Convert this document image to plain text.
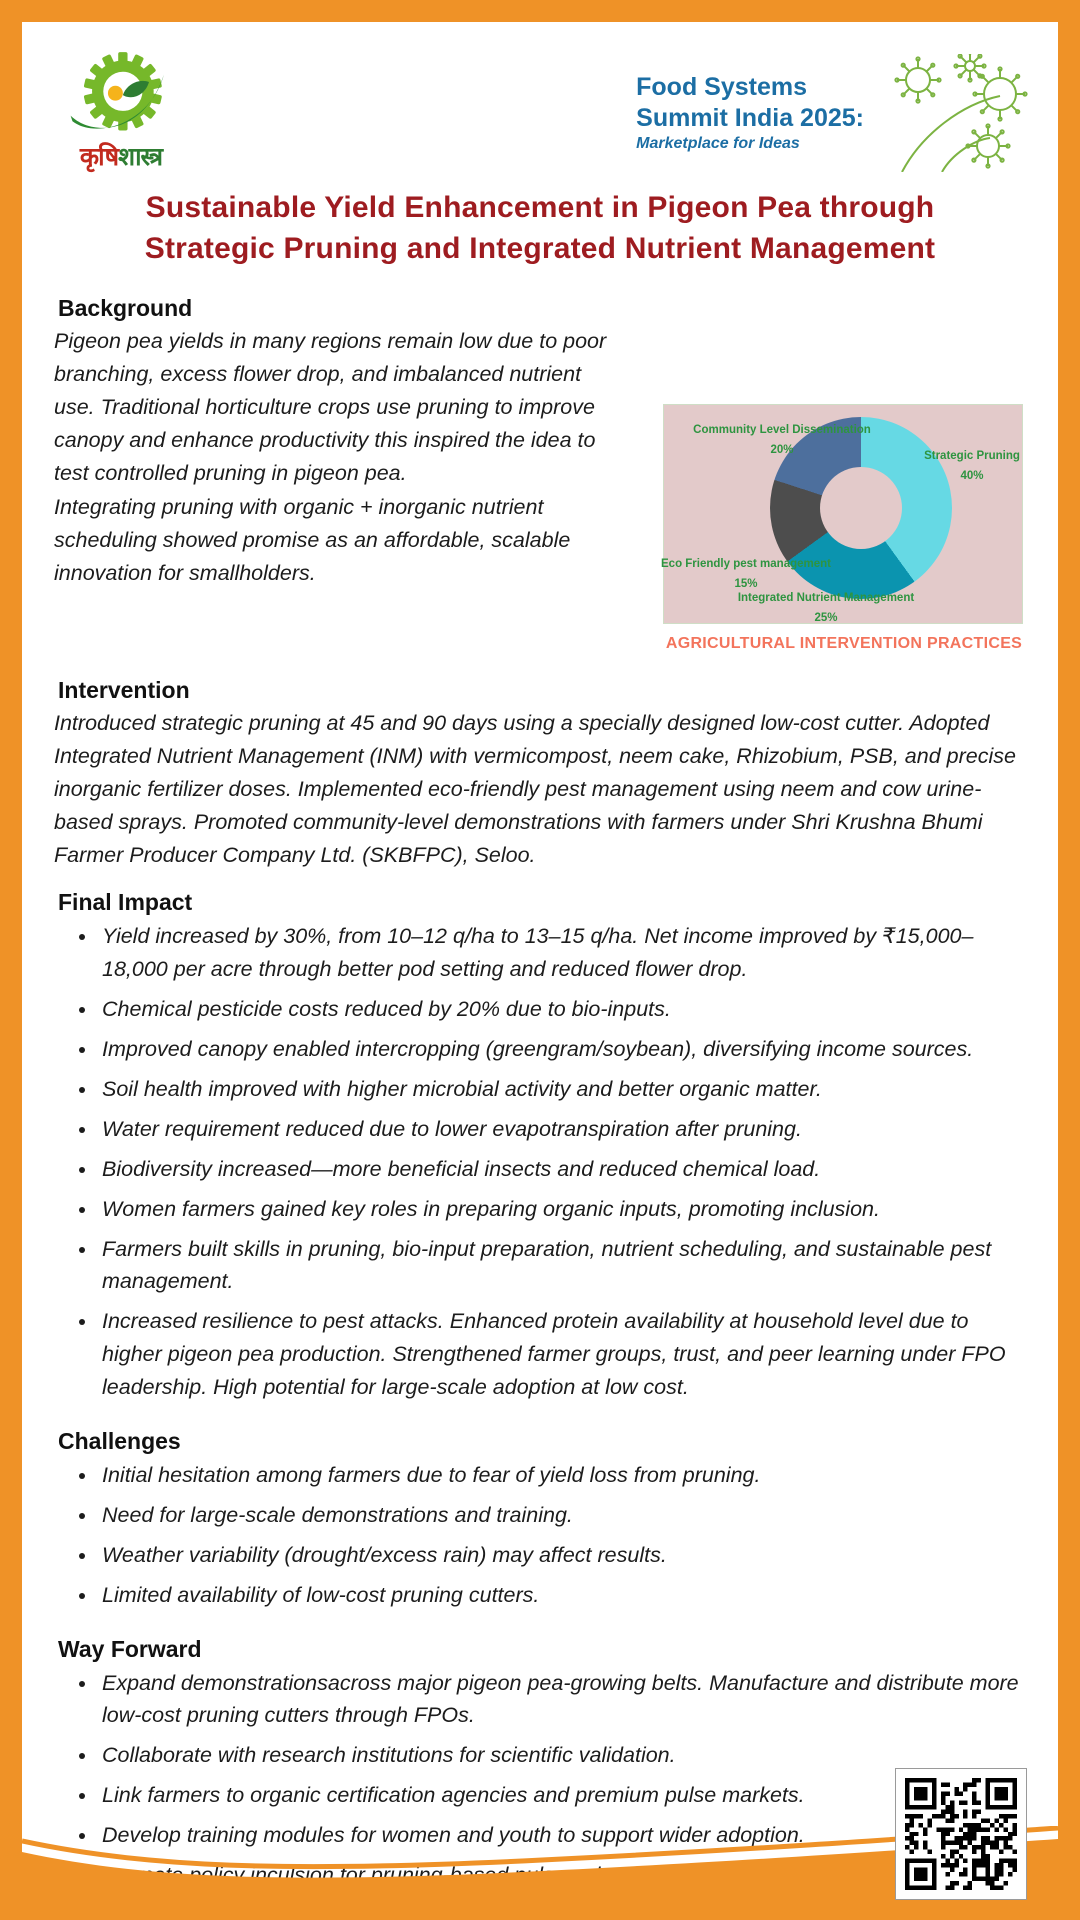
कृषिशास्त्र
Food Systems
Summit India 2025:
Marketplace for Ideas
Sustainable Yield Enhancement in Pigeon Pea through
Strategic Pruning and Integrated Nutrient Management
Background

Pigeon pea yields in many regions remain low due to poor branching, excess flower drop, and imbalanced nutrient use. Traditional horticulture crops use pruning to improve canopy and enhance productivity this inspired the idea to test controlled pruning in pigeon pea.

Integrating pruning with organic + inorganic nutrient scheduling showed promise as an affordable, scalable innovation for smallholders.

Community Level Dissemination
20%
Strategic Pruning
40%
Eco Friendly pest management
15%
Integrated Nutrient Management
25%
AGRICULTURAL INTERVENTION PRACTICES
Intervention

Introduced strategic pruning at 45 and 90 days using a specially designed low-cost cutter. Adopted Integrated Nutrient Management (INM) with vermicompost, neem cake, Rhizobium, PSB, and precise inorganic fertilizer doses. Implemented eco-friendly pest management using neem and cow urine-based sprays. Promoted community-level demonstrations with farmers under Shri Krushna Bhumi Farmer Producer Company Ltd. (SKBFPC), Seloo.

Final Impact
• Yield increased by 30%, from 10–12 q/ha to 13–15 q/ha. Net income improved by ₹15,000–18,000 per acre through better pod setting and reduced flower drop.
• Chemical pesticide costs reduced by 20% due to bio-inputs.
• Improved canopy enabled intercropping (greengram/soybean), diversifying income sources.
• Soil health improved with higher microbial activity and better organic matter.
• Water requirement reduced due to lower evapotranspiration after pruning.
• Biodiversity increased—more beneficial insects and reduced chemical load.
• Women farmers gained key roles in preparing organic inputs, promoting inclusion.
• Farmers built skills in pruning, bio-input preparation, nutrient scheduling, and sustainable pest management.
• Increased resilience to pest attacks. Enhanced protein availability at household level due to higher pigeon pea production. Strengthened farmer groups, trust, and peer learning under FPO leadership. High potential for large-scale adoption at low cost.
Challenges
• Initial hesitation among farmers due to fear of yield loss from pruning.
• Need for large-scale demonstrations and training.
• Weather variability (drought/excess rain) may affect results.
• Limited availability of low-cost pruning cutters.
Way Forward
• Expand demonstrationsacross major pigeon pea-growing belts. Manufacture and distribute more low-cost pruning cutters through FPOs.
• Collaborate with research institutions for scientific validation.
• Link farmers to organic certification agencies and premium pulse markets.
• Develop training modules for women and youth to support wider adoption.
•
